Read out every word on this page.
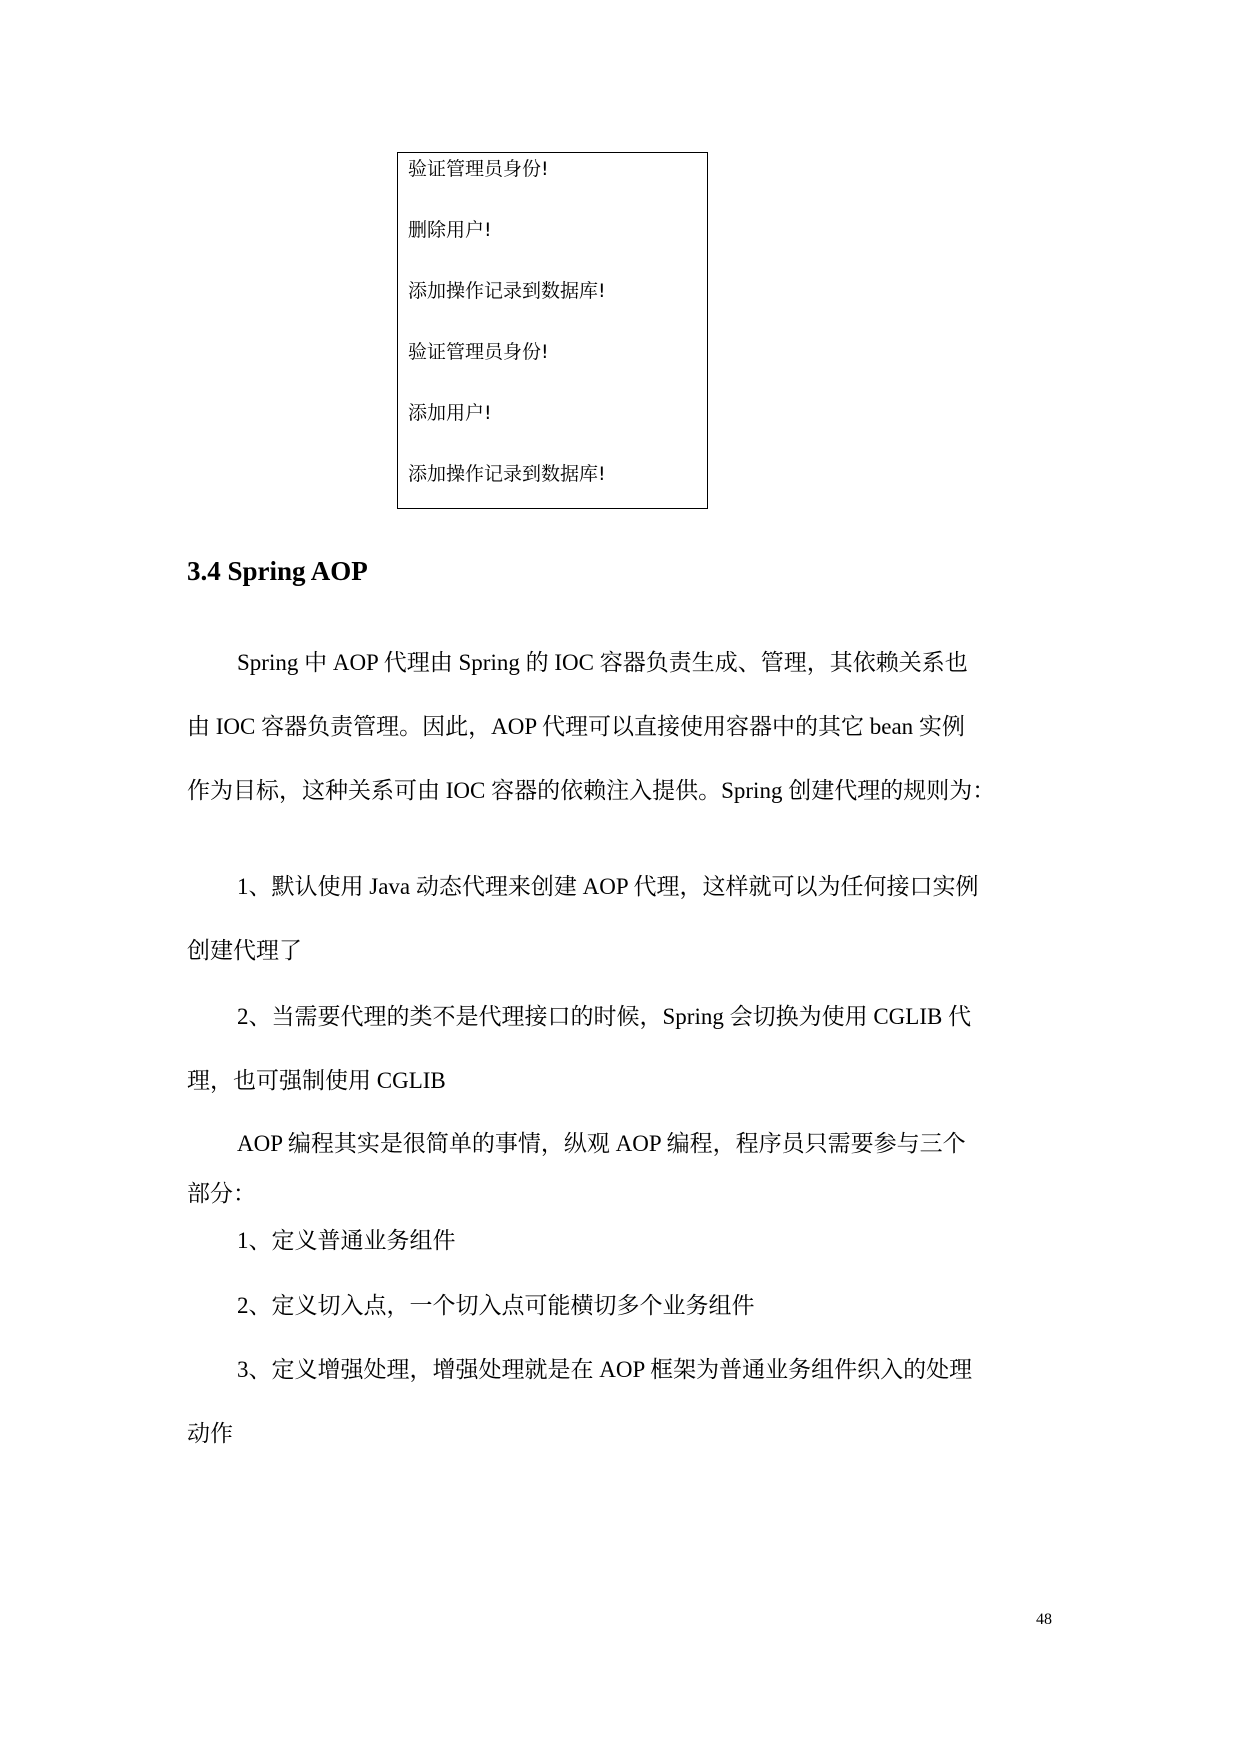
验证管理员身份!
删除用户!
添加操作记录到数据库!
验证管理员身份!
添加用户!
添加操作记录到数据库!
3.4 Spring AOP
Spring 中 AOP 代理由 Spring 的 IOC 容器负责生成、管理，其依赖关系也
由 IOC 容器负责管理。因此，AOP 代理可以直接使用容器中的其它 bean 实例
作为目标，这种关系可由 IOC 容器的依赖注入提供。Spring 创建代理的规则为：
1、默认使用 Java 动态代理来创建 AOP 代理，这样就可以为任何接口实例
创建代理了
2、当需要代理的类不是代理接口的时候，Spring 会切换为使用 CGLIB 代
理，也可强制使用 CGLIB
AOP 编程其实是很简单的事情，纵观 AOP 编程，程序员只需要参与三个
部分：
1、定义普通业务组件
2、定义切入点，一个切入点可能横切多个业务组件
3、定义增强处理，增强处理就是在 AOP 框架为普通业务组件织入的处理
动作
48
